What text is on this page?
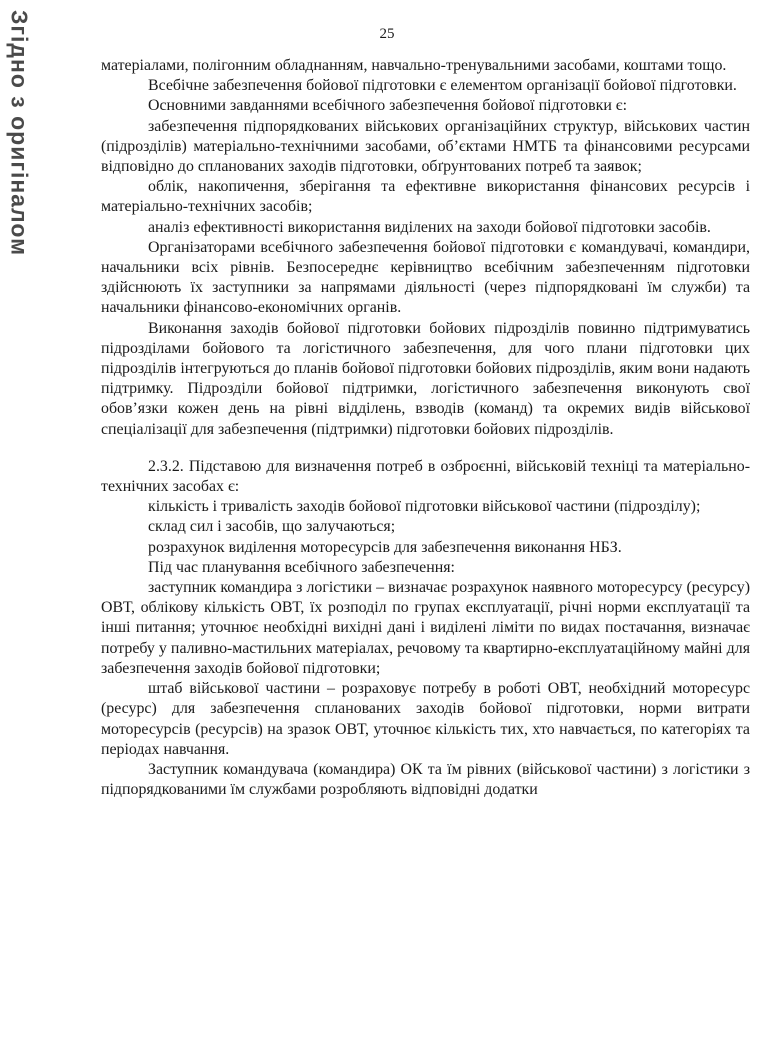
Згідно з оригіналом	25

матеріалами, полігонним обладнанням, навчально-тренувальними засобами, коштами тощо.

Всебічне забезпечення бойової підготовки є елементом організації бойової підготовки.

Основними завданнями всебічного забезпечення бойової підготовки є:

забезпечення підпорядкованих військових організаційних структур, військових частин (підрозділів) матеріально-технічними засобами, об’єктами НМТБ та фінансовими ресурсами відповідно до спланованих заходів підготовки, обґрунтованих потреб та заявок;

облік, накопичення, зберігання та ефективне використання фінансових ресурсів і матеріально-технічних засобів;

аналіз ефективності використання виділених на заходи бойової підготовки засобів.

Організаторами всебічного забезпечення бойової підготовки є командувачі, командири, начальники всіх рівнів. Безпосереднє керівництво всебічним забезпеченням підготовки здійснюють їх заступники за напрямами діяльності (через підпорядковані їм служби) та начальники фінансово-економічних органів.

Виконання заходів бойової підготовки бойових підрозділів повинно підтримуватись підрозділами бойового та логістичного забезпечення, для чого плани підготовки цих підрозділів інтегруються до планів бойової підготовки бойових підрозділів, яким вони надають підтримку. Підрозділи бойової підтримки, логістичного забезпечення виконують свої обов’язки кожен день на рівні відділень, взводів (команд) та окремих видів військової спеціалізації для забезпечення (підтримки) підготовки бойових підрозділів.

2.3.2. Підставою для визначення потреб в озброєнні, військовій техніці та матеріально-технічних засобах є:

кількість і тривалість заходів бойової підготовки військової частини (підрозділу);

склад сил і засобів, що залучаються;

розрахунок виділення моторесурсів для забезпечення виконання НБЗ.

Під час планування всебічного забезпечення:

заступник командира з логістики – визначає розрахунок наявного моторесурсу (ресурсу) ОВТ, облікову кількість ОВТ, їх розподіл по групах експлуатації, річні норми експлуатації та інші питання; уточнює необхідні вихідні дані і виділені ліміти по видах постачання, визначає потребу у паливно-мастильних матеріалах, речовому та квартирно-експлуатаційному майні для забезпечення заходів бойової підготовки;

штаб військової частини – розраховує потребу в роботі ОВТ, необхідний моторесурс (ресурс) для забезпечення спланованих заходів бойової підготовки, норми витрати моторесурсів (ресурсів) на зразок ОВТ, уточнює кількість тих, хто навчається, по категоріях та періодах навчання.

Заступник командувача (командира) ОК та їм рівних (військової частини) з логістики з підпорядкованими їм службами розробляють відповідні додатки
